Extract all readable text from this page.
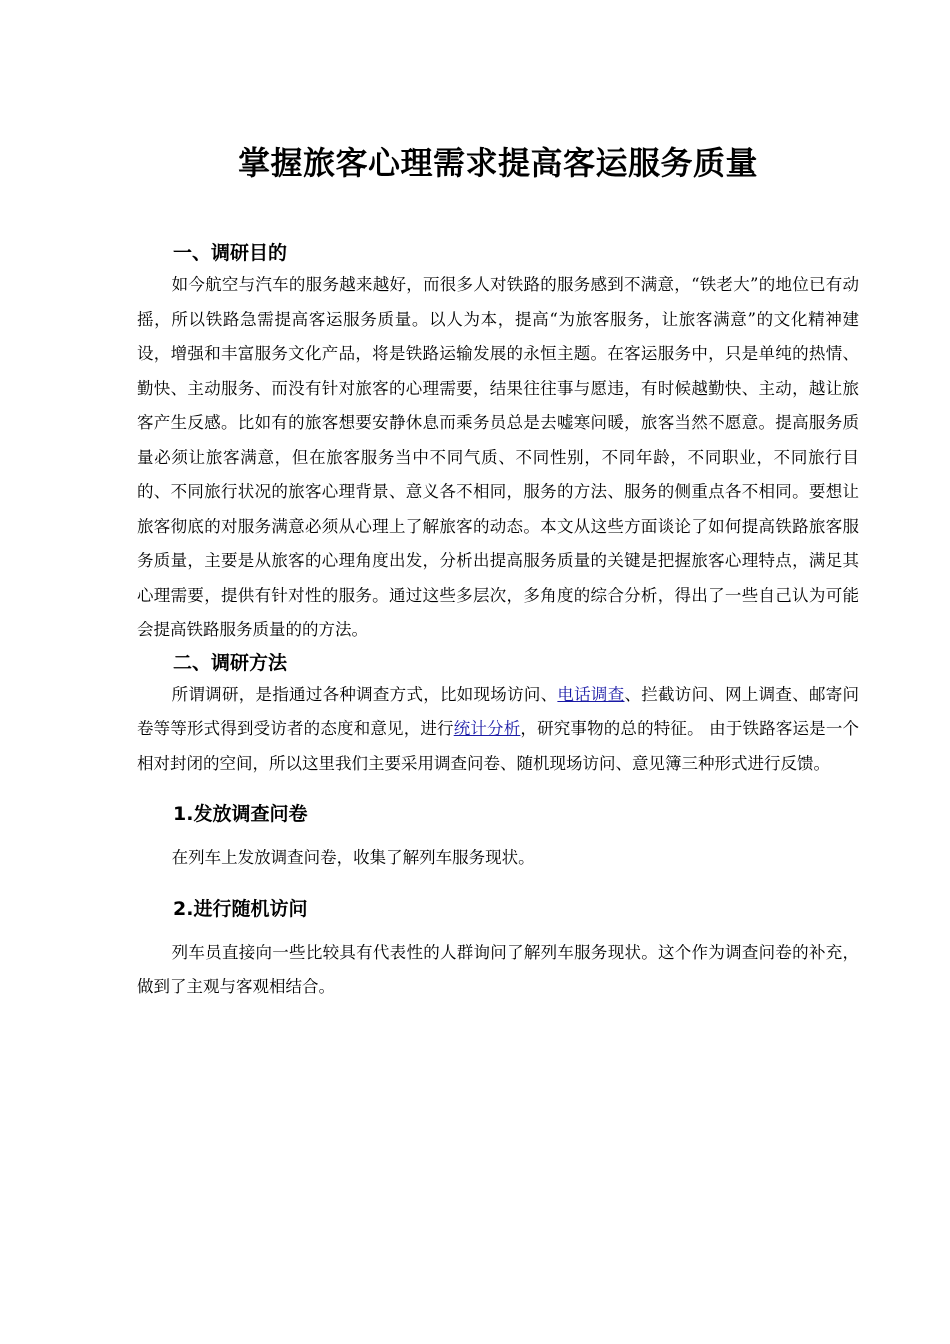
掌握旅客心理需求提高客运服务质量
一、调研目的

如今航空与汽车的服务越来越好，而很多人对铁路的服务感到不满意，“铁老大”的地位已有动摇，所以铁路急需提高客运服务质量。以人为本，提高“为旅客服务，让旅客满意”的文化精神建设，增强和丰富服务文化产品，将是铁路运输发展的永恒主题。在客运服务中，只是单纯的热情、勤快、主动服务、而没有针对旅客的心理需要，结果往往事与愿违，有时候越勤快、主动，越让旅客产生反感。比如有的旅客想要安静休息而乘务员总是去嘘寒问暖，旅客当然不愿意。提高服务质量必须让旅客满意，但在旅客服务当中不同气质、不同性别，不同年龄，不同职业，不同旅行目的、不同旅行状况的旅客心理背景、意义各不相同，服务的方法、服务的侧重点各不相同。要想让旅客彻底的对服务满意必须从心理上了解旅客的动态。本文从这些方面谈论了如何提高铁路旅客服务质量，主要是从旅客的心理角度出发，分析出提高服务质量的关键是把握旅客心理特点，满足其心理需要，提供有针对性的服务。通过这些多层次，多角度的综合分析，得出了一些自己认为可能会提高铁路服务质量的的方法。

二、调研方法

所谓调研，是指通过各种调查方式，比如现场访问、电话调查、拦截访问、网上调查、邮寄问卷等等形式得到受访者的态度和意见，进行统计分析，研究事物的总的特征。 由于铁路客运是一个相对封闭的空间，所以这里我们主要采用调查问卷、随机现场访问、意见簿三种形式进行反馈。

1.发放调查问卷

在列车上发放调查问卷，收集了解列车服务现状。

2.进行随机访问

列车员直接向一些比较具有代表性的人群询问了解列车服务现状。这个作为调查问卷的补充，做到了主观与客观相结合。
